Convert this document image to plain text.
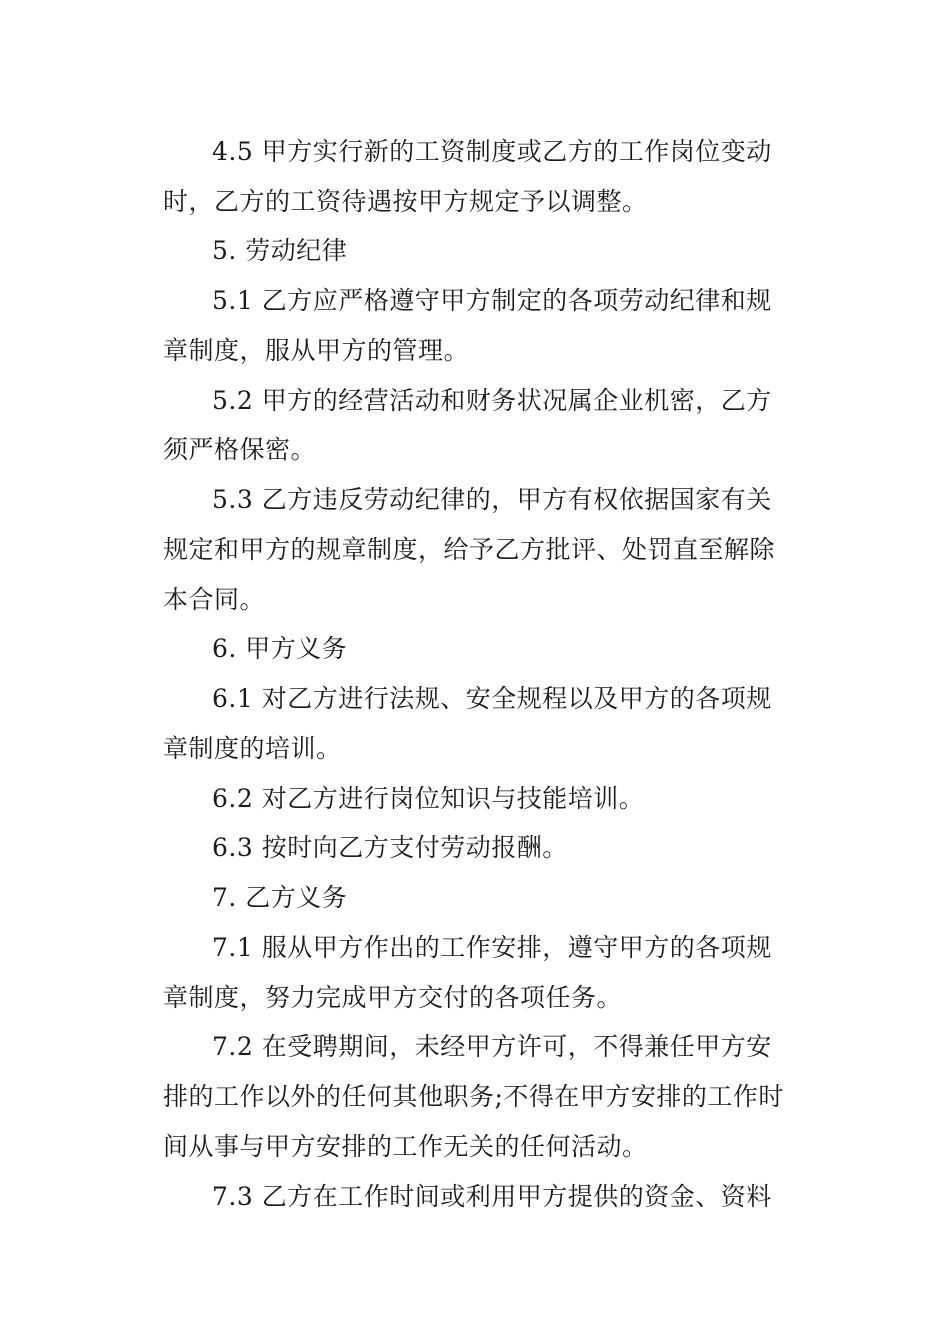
4.5 甲方实行新的工资制度或乙方的工作岗位变动
时，乙方的工资待遇按甲方规定予以调整。
5. 劳动纪律
5.1 乙方应严格遵守甲方制定的各项劳动纪律和规
章制度，服从甲方的管理。
5.2 甲方的经营活动和财务状况属企业机密，乙方
须严格保密。
5.3 乙方违反劳动纪律的，甲方有权依据国家有关
规定和甲方的规章制度，给予乙方批评、处罚直至解除
本合同。
6. 甲方义务
6.1 对乙方进行法规、安全规程以及甲方的各项规
章制度的培训。
6.2 对乙方进行岗位知识与技能培训。
6.3 按时向乙方支付劳动报酬。
7. 乙方义务
7.1 服从甲方作出的工作安排，遵守甲方的各项规
章制度，努力完成甲方交付的各项任务。
7.2 在受聘期间，未经甲方许可，不得兼任甲方安
排的工作以外的任何其他职务;不得在甲方安排的工作时
间从事与甲方安排的工作无关的任何活动。
7.3 乙方在工作时间或利用甲方提供的资金、资料
